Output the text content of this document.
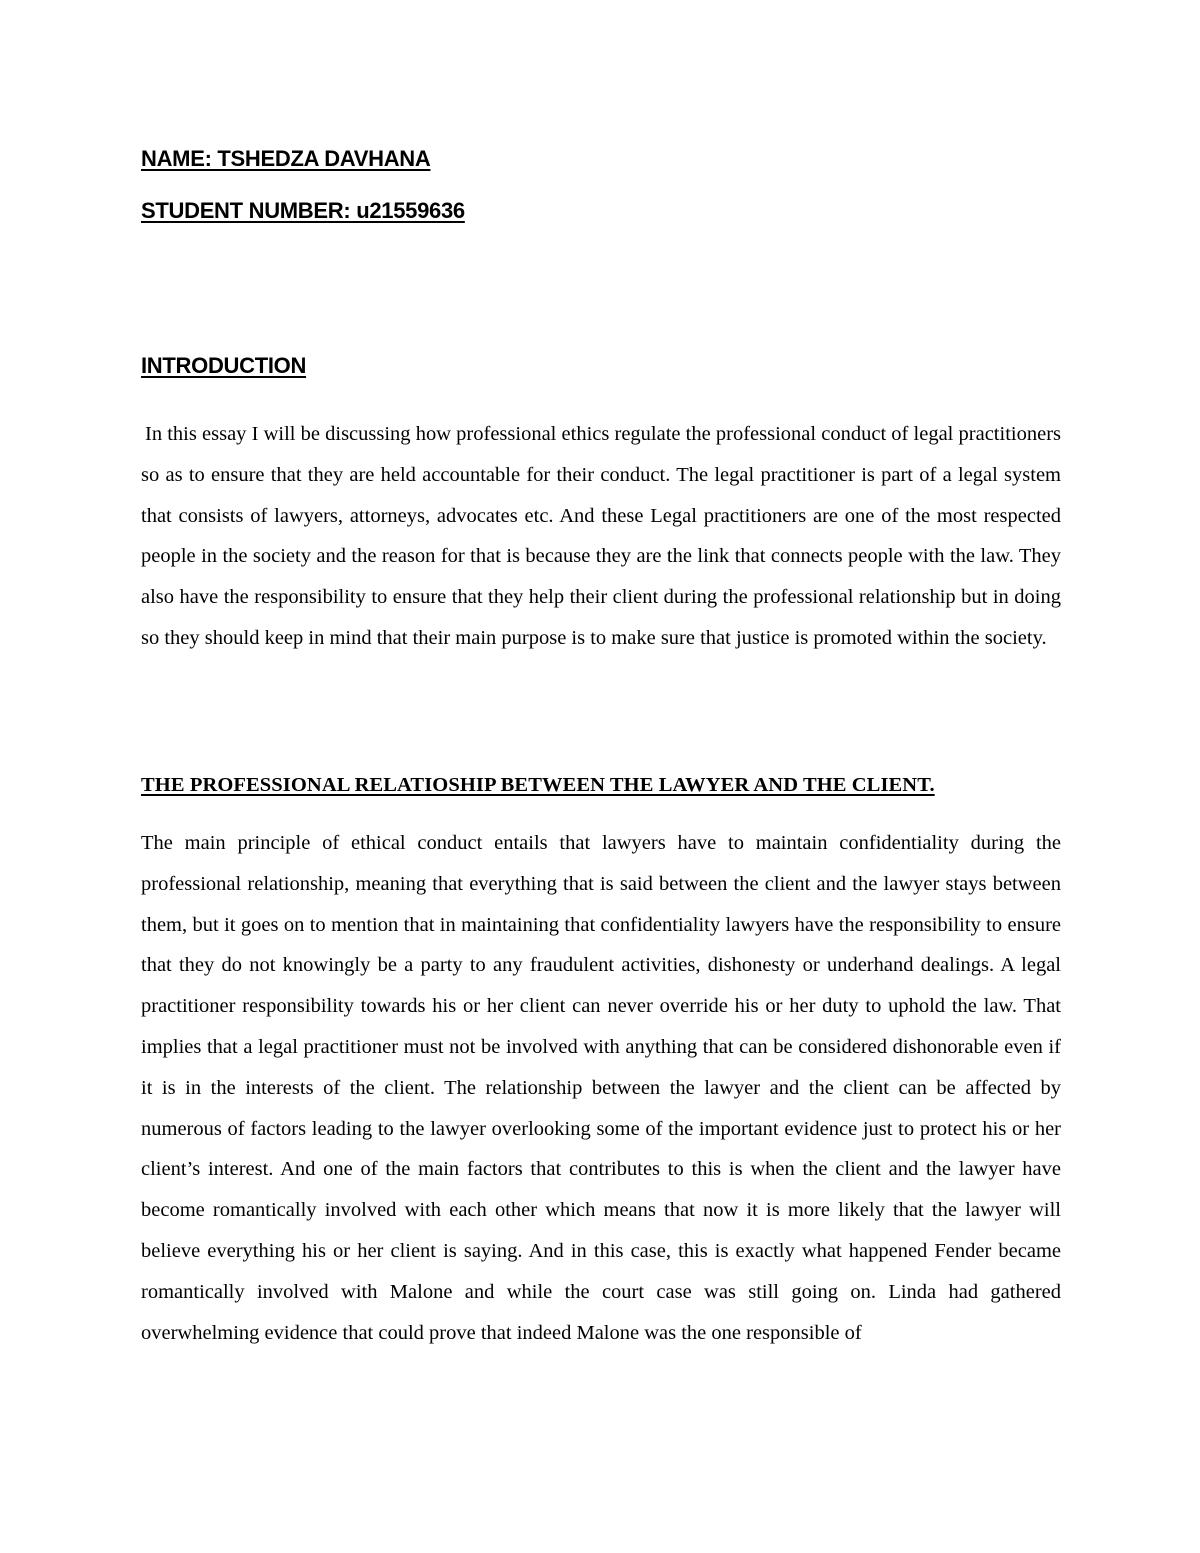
NAME: TSHEDZA DAVHANA
STUDENT NUMBER: u21559636
INTRODUCTION

In this essay I will be discussing how professional ethics regulate the professional conduct of legal practitioners so as to ensure that they are held accountable for their conduct. The legal practitioner is part of a legal system that consists of lawyers, attorneys, advocates etc. And these Legal practitioners are one of the most respected people in the society and the reason for that is because they are the link that connects people with the law. They also have the responsibility to ensure that they help their client during the professional relationship but in doing so they should keep in mind that their main purpose is to make sure that justice is promoted within the society.

THE PROFESSIONAL RELATIOSHIP BETWEEN THE LAWYER AND THE CLIENT.

The main principle of ethical conduct entails that lawyers have to maintain confidentiality during the professional relationship, meaning that everything that is said between the client and the lawyer stays between them, but it goes on to mention that in maintaining that confidentiality lawyers have the responsibility to ensure that they do not knowingly be a party to any fraudulent activities, dishonesty or underhand dealings. A legal practitioner responsibility towards his or her client can never override his or her duty to uphold the law. That implies that a legal practitioner must not be involved with anything that can be considered dishonorable even if it is in the interests of the client. The relationship between the lawyer and the client can be affected by numerous of factors leading to the lawyer overlooking some of the important evidence just to protect his or her client’s interest. And one of the main factors that contributes to this is when the client and the lawyer have become romantically involved with each other which means that now it is more likely that the lawyer will believe everything his or her client is saying. And in this case, this is exactly what happened Fender became romantically involved with Malone and while the court case was still going on. Linda had gathered overwhelming evidence that could prove that indeed Malone was the one responsible of
